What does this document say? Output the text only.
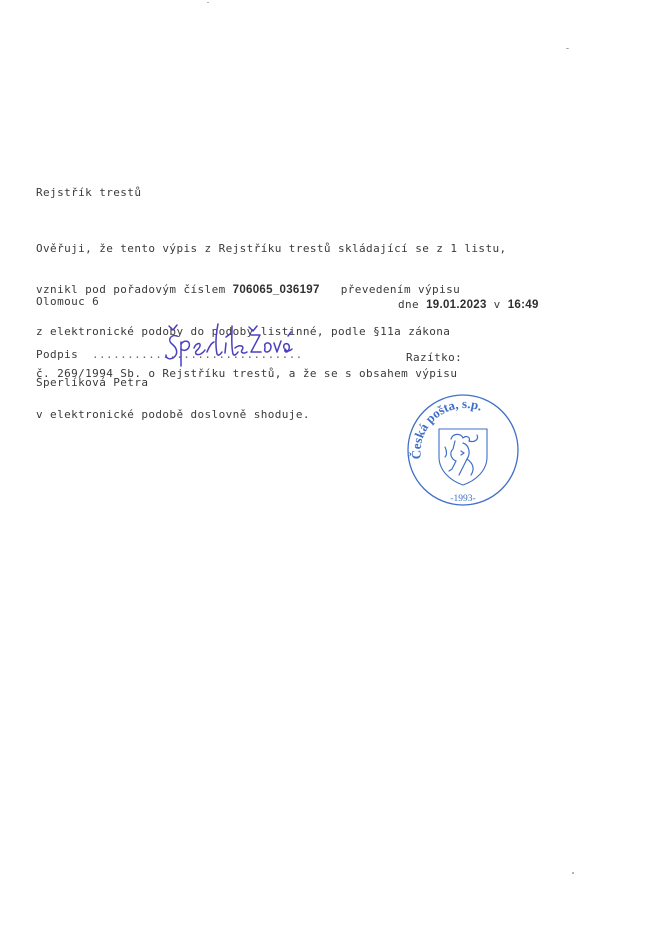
Rejstřík trestů

Ověřuji, že tento výpis z Rejstříku trestů skládající se z 1 listu,

vznikl pod pořadovým číslem 706065_036197   převedením výpisu

z elektronické podoby do podoby listinné, podle §11a zákona

č. 269/1994 Sb. o Rejstříku trestů, a že se s obsahem výpisu

v elektronické podobě doslovně shoduje.

Olomouc 6	dne 19.01.2023 v 16:49
Podpis ..............................	Razítko:
Šperlíková Petra
Česká pošta, s.p.
-1993-
